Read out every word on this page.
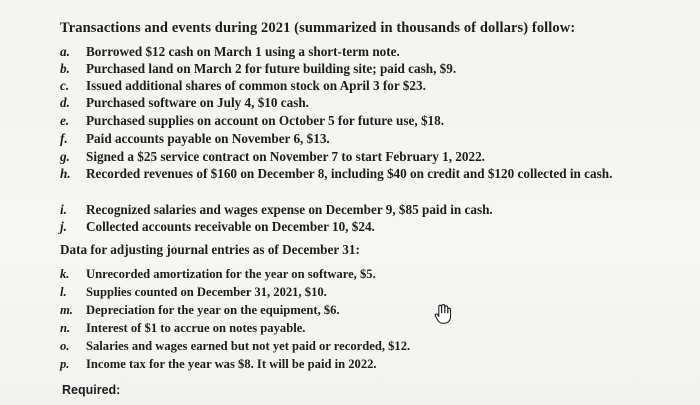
Transactions and events during 2021 (summarized in thousands of dollars) follow:
a.	Borrowed $12 cash on March 1 using a short-term note.
b.	Purchased land on March 2 for future building site; paid cash, $9.
c.	Issued additional shares of common stock on April 3 for $23.
d.	Purchased software on July 4, $10 cash.
e.	Purchased supplies on account on October 5 for future use, $18.
f.	Paid accounts payable on November 6, $13.
g.	Signed a $25 service contract on November 7 to start February 1, 2022.
h.	Recorded revenues of $160 on December 8, including $40 on credit and $120 collected in cash.
i.	Recognized salaries and wages expense on December 9, $85 paid in cash.
j.	Collected accounts receivable on December 10, $24.
Data for adjusting journal entries as of December 31:
k.	Unrecorded amortization for the year on software, $5.
l.	Supplies counted on December 31, 2021, $10.
m.	Depreciation for the year on the equipment, $6.
n.	Interest of $1 to accrue on notes payable.
o.	Salaries and wages earned but not yet paid or recorded, $12.
p.	Income tax for the year was $8. It will be paid in 2022.
Required:
